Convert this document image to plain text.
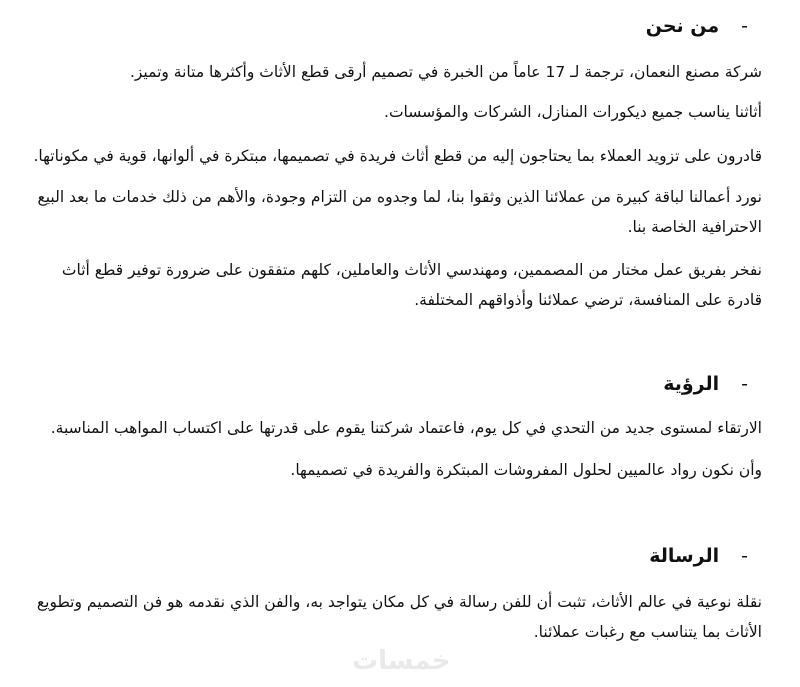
-من نحن
شركة مصنع النعمان، ترجمة لـ 17 عاماً من الخبرة في تصميم أرقى قطع الأثاث وأكثرها متانة وتميز.
أثاثنا يناسب جميع ديكورات المنازل، الشركات والمؤسسات.
قادرون على تزويد العملاء بما يحتاجون إليه من قطع أثاث فريدة في تصميمها، مبتكرة في ألوانها، قوية في مكوناتها.
نورد أعمالنا لباقة كبيرة من عملائنا الذين وثقوا بنا، لما وجدوه من التزام وجودة، والأهم من ذلك خدمات ما بعد البيع الاحترافية الخاصة بنا.
نفخر بفريق عمل مختار من المصممين، ومهندسي الأثاث والعاملين، كلهم متفقون على ضرورة توفير قطع أثاث قادرة على المنافسة، ترضي عملائنا وأذواقهم المختلفة.
-الرؤية
الارتقاء لمستوى جديد من التحدي في كل يوم، فاعتماد شركتنا يقوم على قدرتها على اكتساب المواهب المناسبة.
وأن نكون رواد عالميين لحلول المفروشات المبتكرة والفريدة في تصميمها.
-الرسالة
نقلة نوعية في عالم الأثاث، تثبت أن للفن رسالة في كل مكان يتواجد به، والفن الذي نقدمه هو فن التصميم وتطويع الأثاث بما يتناسب مع رغبات عملائنا.
خمسات
